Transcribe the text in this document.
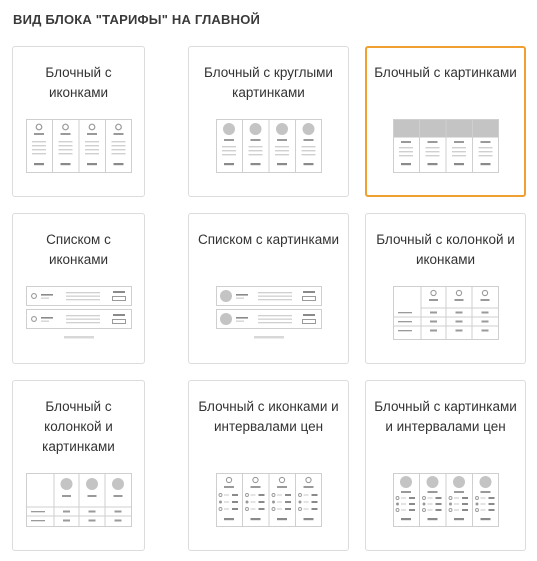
ВИД БЛОКА "ТАРИФЫ" НА ГЛАВНОЙ
Блочный с иконками
Блочный с круглыми картинками
Блочный с картинками
Списком с иконками
Списком с картинками	Блочный с колонкой и иконками
Блочный с колонкой и картинками
Блочный с иконками и интервалами цен
Блочный с картинками и интервалами цен
